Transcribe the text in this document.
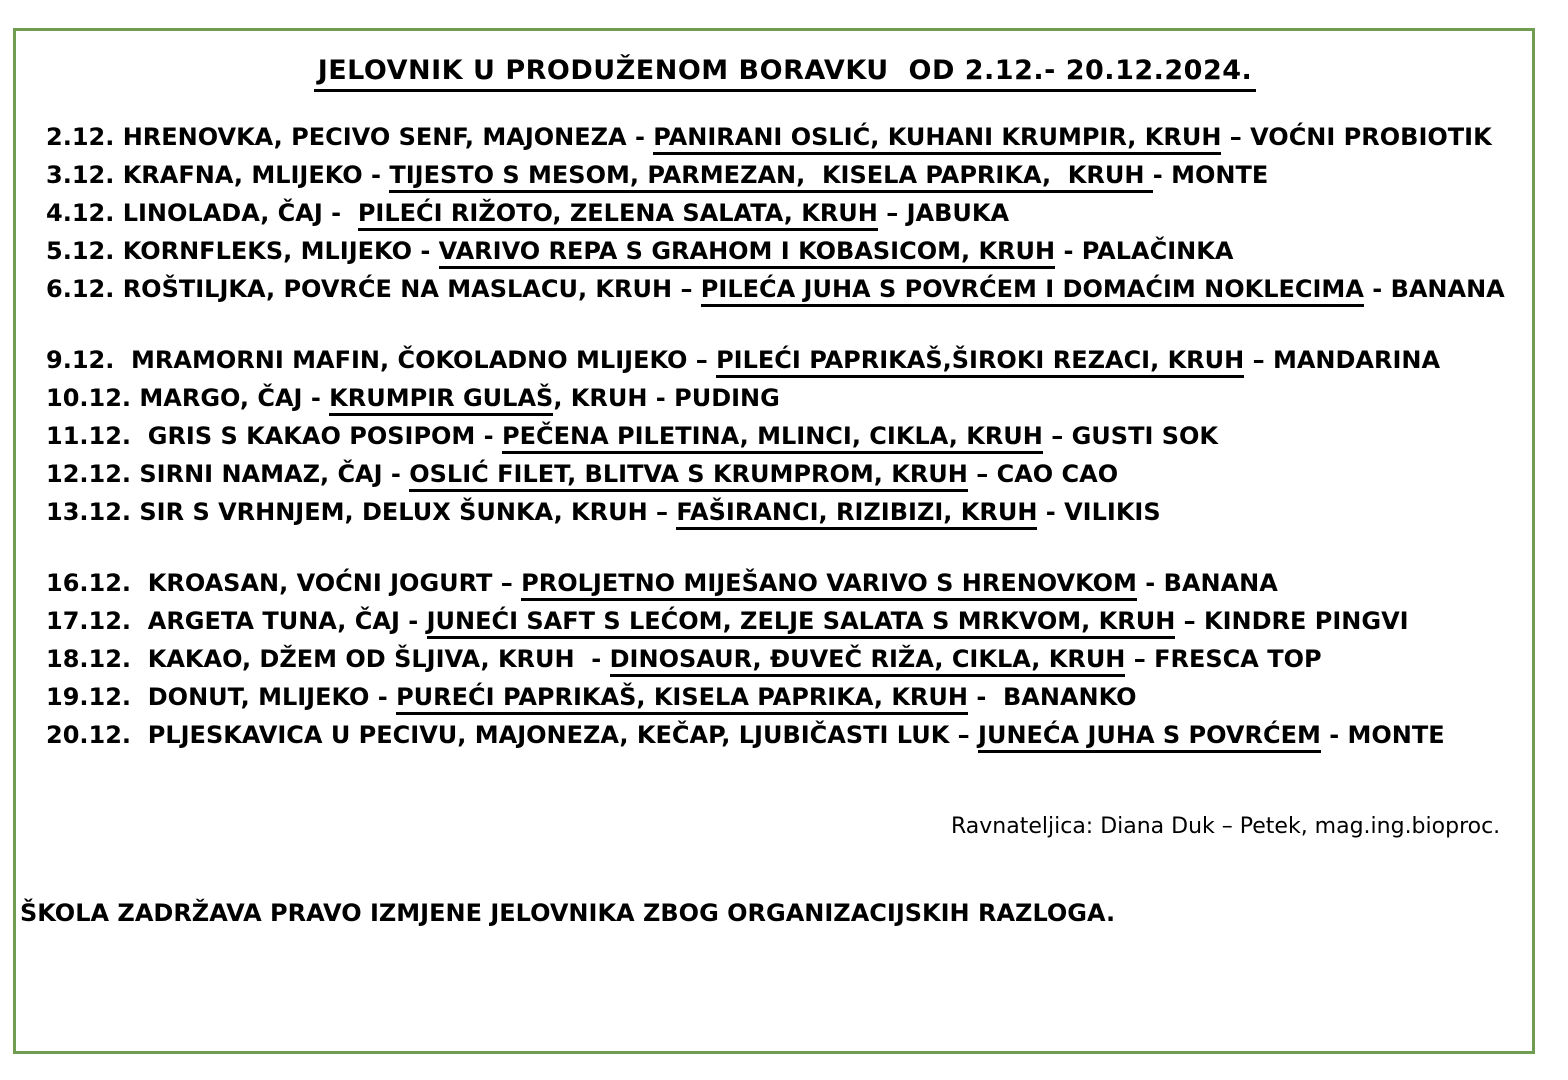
JELOVNIK U PRODUŽENOM BORAVKU  OD 2.12.- 20.12.2024.

2.12. HRENOVKA, PECIVO SENF, MAJONEZA - PANIRANI OSLIĆ, KUHANI KRUMPIR, KRUH – VOĆNI PROBIOTIK

3.12. KRAFNA, MLIJEKO - TIJESTO S MESOM, PARMEZAN,  KISELA PAPRIKA,  KRUH - MONTE

4.12. LINOLADA, ČAJ -  PILEĆI RIŽOTO, ZELENA SALATA, KRUH – JABUKA

5.12. KORNFLEKS, MLIJEKO - VARIVO REPA S GRAHOM I KOBASICOM, KRUH - PALAČINKA

6.12. ROŠTILJKA, POVRĆE NA MASLACU, KRUH – PILEĆA JUHA S POVRĆEM I DOMAĆIM NOKLECIMA - BANANA

9.12.  MRAMORNI MAFIN, ČOKOLADNO MLIJEKO – PILEĆI PAPRIKAŠ,ŠIROKI REZACI, KRUH – MANDARINA

10.12. MARGO, ČAJ - KRUMPIR GULAŠ, KRUH - PUDING

11.12.  GRIS S KAKAO POSIPOM - PEČENA PILETINA, MLINCI, CIKLA, KRUH – GUSTI SOK

12.12. SIRNI NAMAZ, ČAJ - OSLIĆ FILET, BLITVA S KRUMPROM, KRUH – CAO CAO

13.12. SIR S VRHNJEM, DELUX ŠUNKA, KRUH – FAŠIRANCI, RIZIBIZI, KRUH - VILIKIS

16.12.  KROASAN, VOĆNI JOGURT – PROLJETNO MIJEŠANO VARIVO S HRENOVKOM - BANANA

17.12.  ARGETA TUNA, ČAJ - JUNEĆI SAFT S LEĆOM, ZELJE SALATA S MRKVOM, KRUH – KINDRE PINGVI

18.12.  KAKAO, DŽEM OD ŠLJIVA, KRUH  - DINOSAUR, ĐUVEČ RIŽA, CIKLA, KRUH – FRESCA TOP

19.12.  DONUT, MLIJEKO - PUREĆI PAPRIKAŠ, KISELA PAPRIKA, KRUH -  BANANKO

20.12.  PLJESKAVICA U PECIVU, MAJONEZA, KEČAP, LJUBIČASTI LUK – JUNEĆA JUHA S POVRĆEM - MONTE

Ravnateljica: Diana Duk – Petek, mag.ing.bioproc.
ŠKOLA ZADRŽAVA PRAVO IZMJENE JELOVNIKA ZBOG ORGANIZACIJSKIH RAZLOGA.
